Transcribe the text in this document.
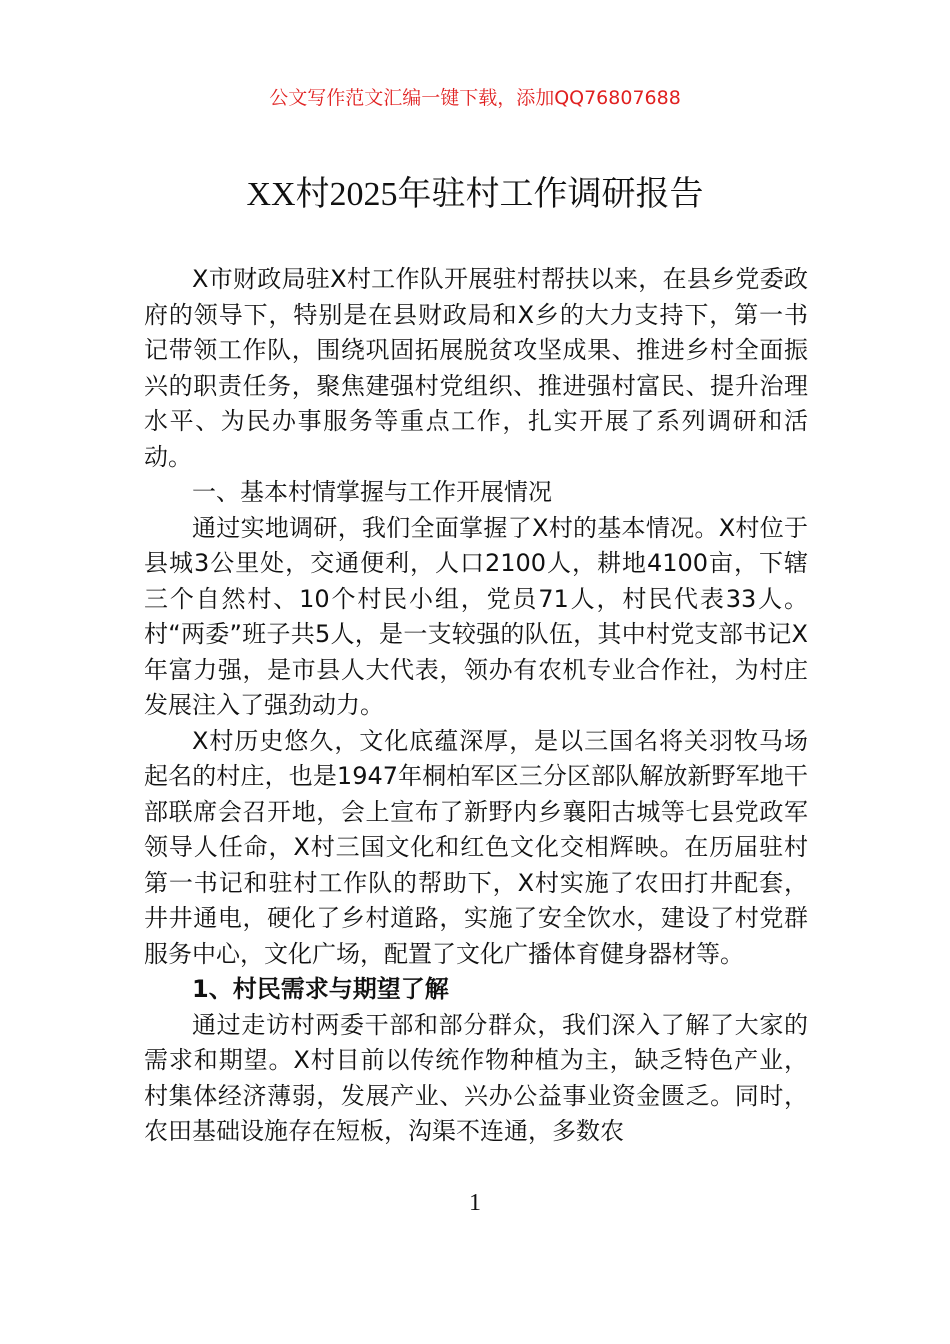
公文写作范文汇编一键下载，添加QQ76807688
XX村2025年驻村工作调研报告

X市财政局驻X村工作队开展驻村帮扶以来，在县乡党委政府的领导下，特别是在县财政局和X乡的大力支持下，第一书记带领工作队，围绕巩固拓展脱贫攻坚成果、推进乡村全面振兴的职责任务，聚焦建强村党组织、推进强村富民、提升治理水平、为民办事服务等重点工作，扎实开展了系列调研和活动。

一、基本村情掌握与工作开展情况

通过实地调研，我们全面掌握了X村的基本情况。X村位于县城3公里处，交通便利，人口2100人，耕地4100亩，下辖三个自然村、10个村民小组，党员71人，村民代表33人。村“两委”班子共5人，是一支较强的队伍，其中村党支部书记X年富力强，是市县人大代表，领办有农机专业合作社，为村庄发展注入了强劲动力。

X村历史悠久，文化底蕴深厚，是以三国名将关羽牧马场起名的村庄，也是1947年桐柏军区三分区部队解放新野军地干部联席会召开地，会上宣布了新野内乡襄阳古城等七县党政军领导人任命，X村三国文化和红色文化交相辉映。在历届驻村第一书记和驻村工作队的帮助下，X村实施了农田打井配套，井井通电，硬化了乡村道路，实施了安全饮水，建设了村党群服务中心，文化广场，配置了文化广播体育健身器材等。

1、村民需求与期望了解

通过走访村两委干部和部分群众，我们深入了解了大家的需求和期望。X村目前以传统作物种植为主，缺乏特色产业，村集体经济薄弱，发展产业、兴办公益事业资金匮乏。同时，农田基础设施存在短板，沟渠不连通，多数农

1
